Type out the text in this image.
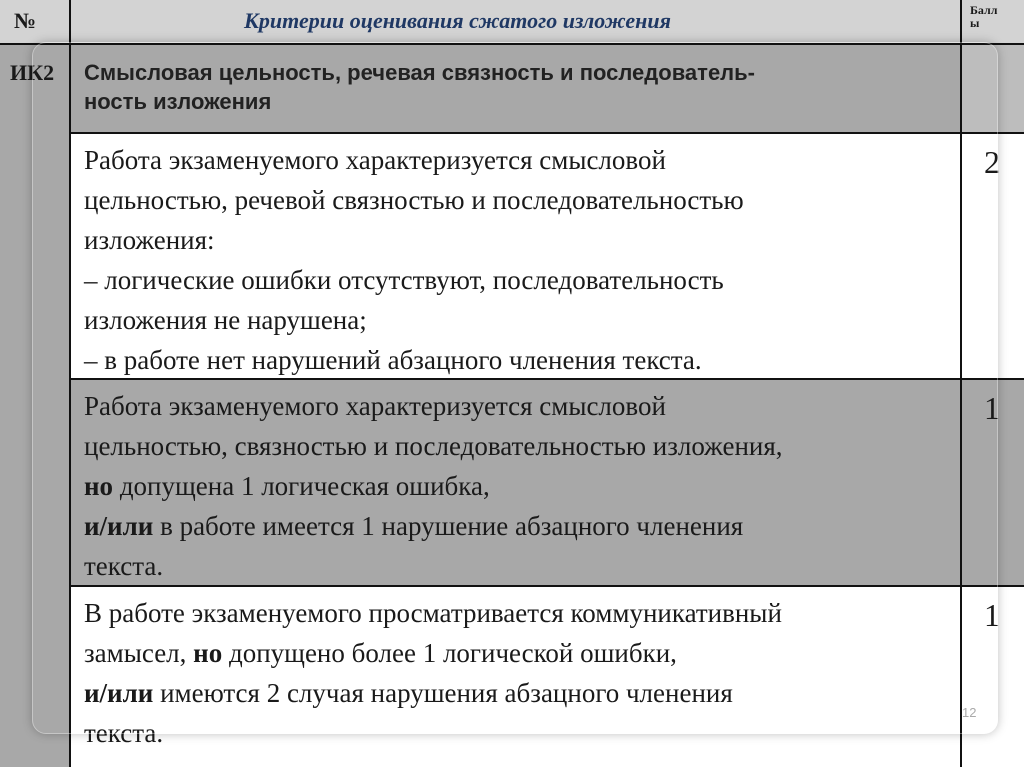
№	Критерии оценивания сжатого изложения	Балл
ы
ИК2 Смысловая цельность, речевая связность и последователь-
ность изложения
Работа экзаменуемого характеризуется смысловой
цельностью, речевой связностью и последовательностью
изложения:
– логические ошибки отсутствуют, последовательность
изложения не нарушена;
– в работе нет нарушений абзацного членения текста.
2
Работа экзаменуемого характеризуется смысловой
цельностью, связностью и последовательностью изложения,
но допущена 1 логическая ошибка,
и/или в работе имеется 1 нарушение абзацного членения
текста.
1
В работе экзаменуемого просматривается коммуникативный
замысел, но допущено более 1 логической ошибки,
и/или имеются 2 случая нарушения абзацного членения
текста.
1
12
